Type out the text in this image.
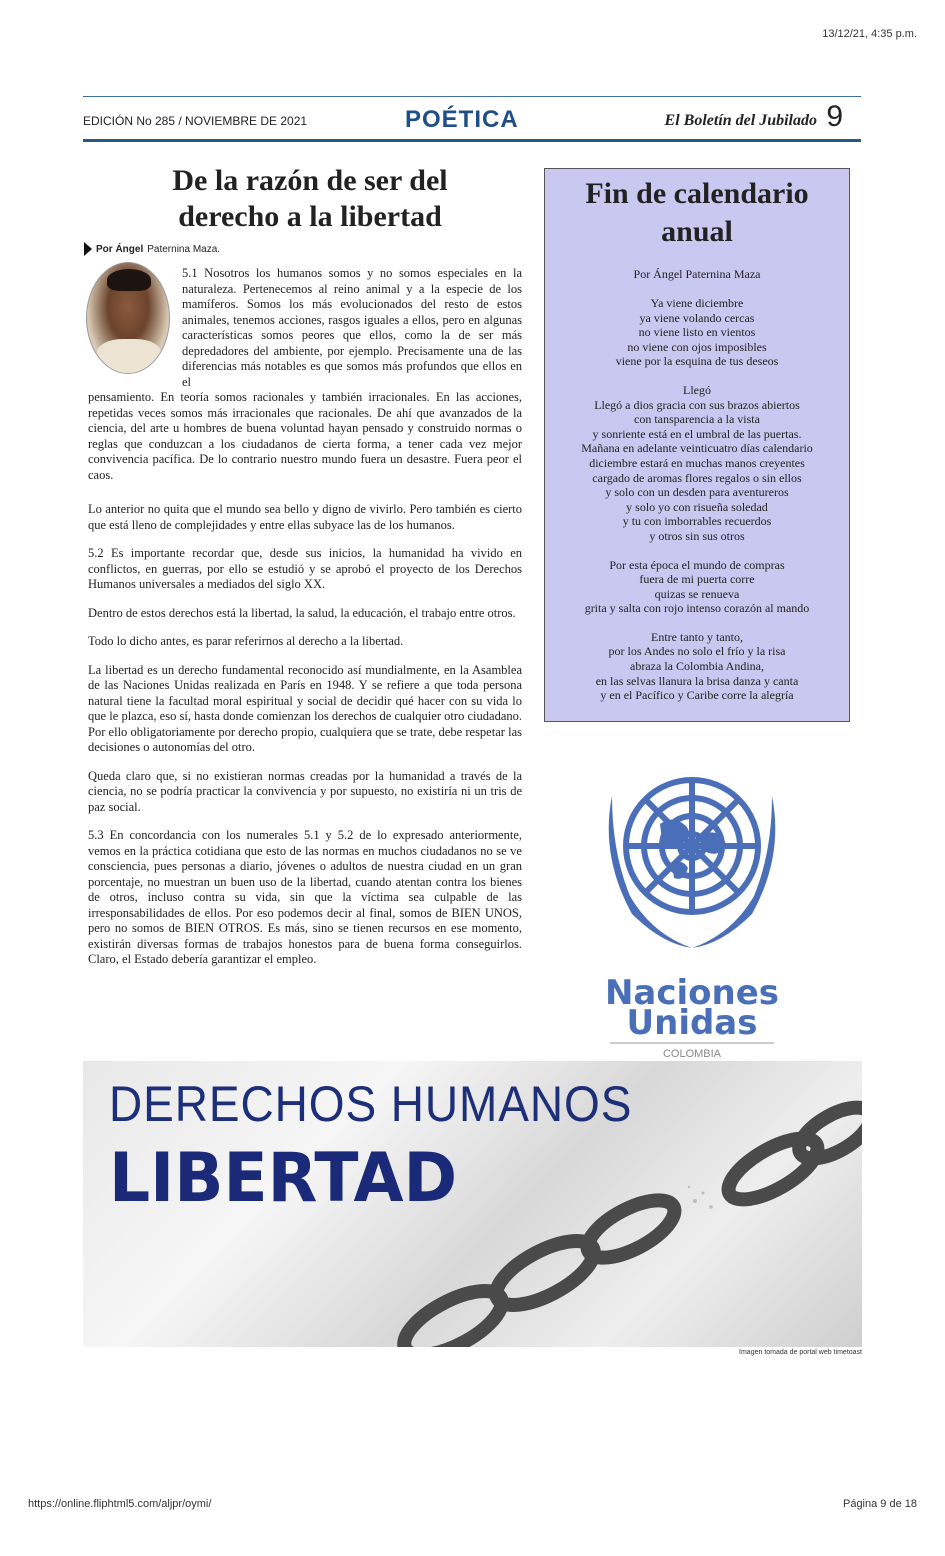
13/12/21, 4:35 p.m.
EDICIÓN No 285 / NOVIEMBRE DE 2021	POÉTICA	El Boletín del Jubilado 9
De la razón de ser del
derecho a la libertad
Por Ángel Paternina Maza.
5.1 Nosotros los humanos somos y no somos especiales en la naturaleza. Pertenecemos al reino animal y a la especie de los mamíferos. Somos los más evolucionados del resto de estos animales, tenemos acciones, rasgos iguales a ellos, pero en algunas características somos peores que ellos, como la de ser más depredadores del ambiente, por ejemplo. Precisamente una de las diferencias más notables es que somos más profundos que ellos en el
pensamiento. En teoría somos racionales y también irracionales. En las acciones, repetidas veces somos más irracionales que racionales. De ahí que avanzados de la ciencia, del arte u hombres de buena voluntad hayan pensado y construido normas o reglas que conduzcan a los ciudadanos de cierta forma, a tener cada vez mejor convivencia pacífica. De lo contrario nuestro mundo fuera un desastre. Fuera peor el caos.

Lo anterior no quita que el mundo sea bello y digno de vivirlo. Pero también es cierto que está lleno de complejidades y entre ellas subyace las de los humanos.

5.2 Es importante recordar que, desde sus inicios, la humanidad ha vivido en conflictos, en guerras, por ello se estudió y se aprobó el proyecto de los Derechos Humanos universales a mediados del siglo XX.

Dentro de estos derechos está la libertad, la salud, la educación, el trabajo entre otros.

Todo lo dicho antes, es parar referirnos al derecho a la libertad.

La libertad es un derecho fundamental reconocido así mundialmente, en la Asamblea de las Naciones Unidas realizada en París en 1948. Y se refiere a que toda persona natural tiene la facultad moral espiritual y social de decidir qué hacer con su vida lo que le plazca, eso sí, hasta donde comienzan los derechos de cualquier otro ciudadano. Por ello obligatoriamente por derecho propio, cualquiera que se trate, debe respetar las decisiones o autonomías del otro.

Queda claro que, si no existieran normas creadas por la humanidad a través de la ciencia, no se podría practicar la convivencia y por supuesto, no existiría ni un tris de paz social.

5.3 En concordancia con los numerales 5.1 y 5.2 de lo expresado anteriormente, vemos en la práctica cotidiana que esto de las normas en muchos ciudadanos no se ve consciencia, pues personas a diario, jóvenes o adultos de nuestra ciudad en un gran porcentaje, no muestran un buen uso de la libertad, cuando atentan contra los bienes de otros, incluso contra su vida, sin que la víctima sea culpable de las irresponsabilidades de ellos. Por eso podemos decir al final, somos de BIEN UNOS, pero no somos de BIEN OTROS. Es más, sino se tienen recursos en ese momento, existirán diversas formas de trabajos honestos para de buena forma conseguirlos. Claro, el Estado debería garantizar el empleo.

Fin de calendario
anual
Por Ángel Paternina Maza
Ya viene diciembre
ya viene volando cercas
no viene listo en vientos
no viene con ojos imposibles
viene por la esquina de tus deseos
Llegó
Llegó a dios gracia con sus brazos abiertos
con tansparencia a la vista
y sonriente está en el umbral de las puertas.
Mañana en adelante veinticuatro días calendario
diciembre estará en muchas manos creyentes
cargado de aromas flores regalos o sin ellos
y solo con un desden para aventureros
y solo yo con risueña soledad
y tu con imborrables recuerdos
y otros sin sus otros
Por esta época el mundo de compras
fuera de mi puerta corre
quizas se renueva
grita y salta con rojo intenso corazón al mando
Entre tanto y tanto,
por los Andes no solo el frío y la risa
abraza la Colombia Andina,
en las selvas llanura la brisa danza y canta
y en el Pacífico y Caribe corre la alegría
Naciones
Unidas
COLOMBIA
DERECHOS HUMANOS
LIBERTAD
Imagen tomada de portal web timetoast
https://online.fliphtml5.com/aljpr/oymi/	Página 9 de 18
